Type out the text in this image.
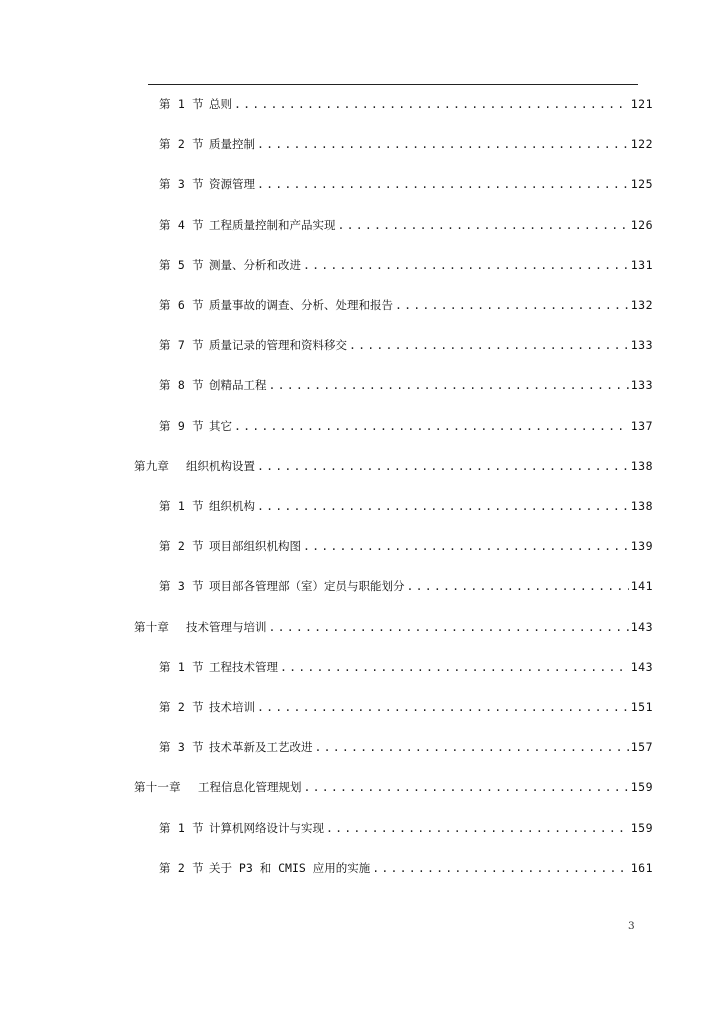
第 1 节 总则 .....	121
第 2 节 质量控制 .....	122
第 3 节 资源管理 .....	125
第 4 节 工程质量控制和产品实现 .....	126
第 5 节 测量、分析和改进 .....	131
第 6 节 质量事故的调查、分析、处理和报告 .....	132
第 7 节 质量记录的管理和资料移交 .....	133
第 8 节 创精品工程 .....	133
第 9 节 其它 .....	137
第九章	组织机构设置 .....	138
第 1 节 组织机构 .....	138
第 2 节 项目部组织机构图 .....	139
第 3 节 项目部各管理部（室）定员与职能划分 .....	141
第十章	技术管理与培训 .....	143
第 1 节 工程技术管理 .....	143
第 2 节 技术培训 .....	151
第 3 节 技术革新及工艺改进 .....	157
第十一章	工程信息化管理规划 .....	159
第 1 节 计算机网络设计与实现 .....	159
第 2 节 关于 P3 和 CMIS 应用的实施 .....	161
3
